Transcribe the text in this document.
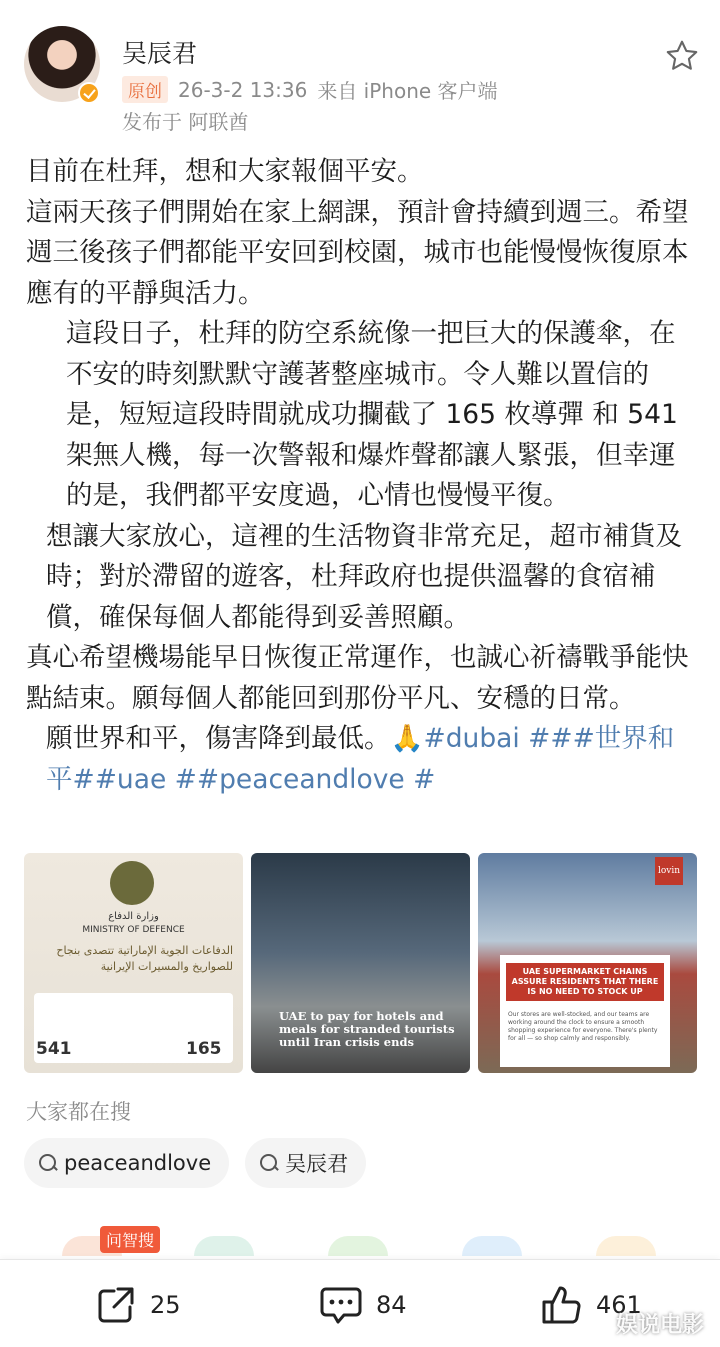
吴辰君
原创 26-3-2 13:36 来自 iPhone 客户端
发布于 阿联酋

目前在杜拜，想和大家報個平安。

這兩天孩子們開始在家上網課，預計會持續到週三。希望週三後孩子們都能平安回到校園，城市也能慢慢恢復原本應有的平靜與活力。

這段日子，杜拜的防空系統像一把巨大的保護傘，在不安的時刻默默守護著整座城市。令人難以置信的是，短短這段時間就成功攔截了 165 枚導彈 和 541架無人機，每一次警報和爆炸聲都讓人緊張，但幸運的是，我們都平安度過，心情也慢慢平復。

想讓大家放心，這裡的生活物資非常充足，超市補貨及時；對於滯留的遊客，杜拜政府也提供溫馨的食宿補償，確保每個人都能得到妥善照顧。

真心希望機場能早日恢復正常運作，也誠心祈禱戰爭能快點結束。願每個人都能回到那份平凡、安穩的日常。

願世界和平，傷害降到最低。🙏#dubai ###世界和平##uae ##peaceandlove #

وزارة الدفاع
MINISTRY OF DEFENCE
الدفاعات الجوية الإماراتية تتصدى بنجاح للصواريخ والمسيرات الإيرانية
541	165
UAE to pay for hotels and meals for stranded tourists until Iran crisis ends
lovin
UAE SUPERMARKET CHAINS ASSURE RESIDENTS THAT THERE IS NO NEED TO STOCK UP
Our stores are well-stocked, and our teams are working around the clock to ensure a smooth shopping experience for everyone. There's plenty for all — so shop calmly and responsibly.
大家都在搜
peaceandlove	吴辰君
问智搜
25	84	461
娱说电影
